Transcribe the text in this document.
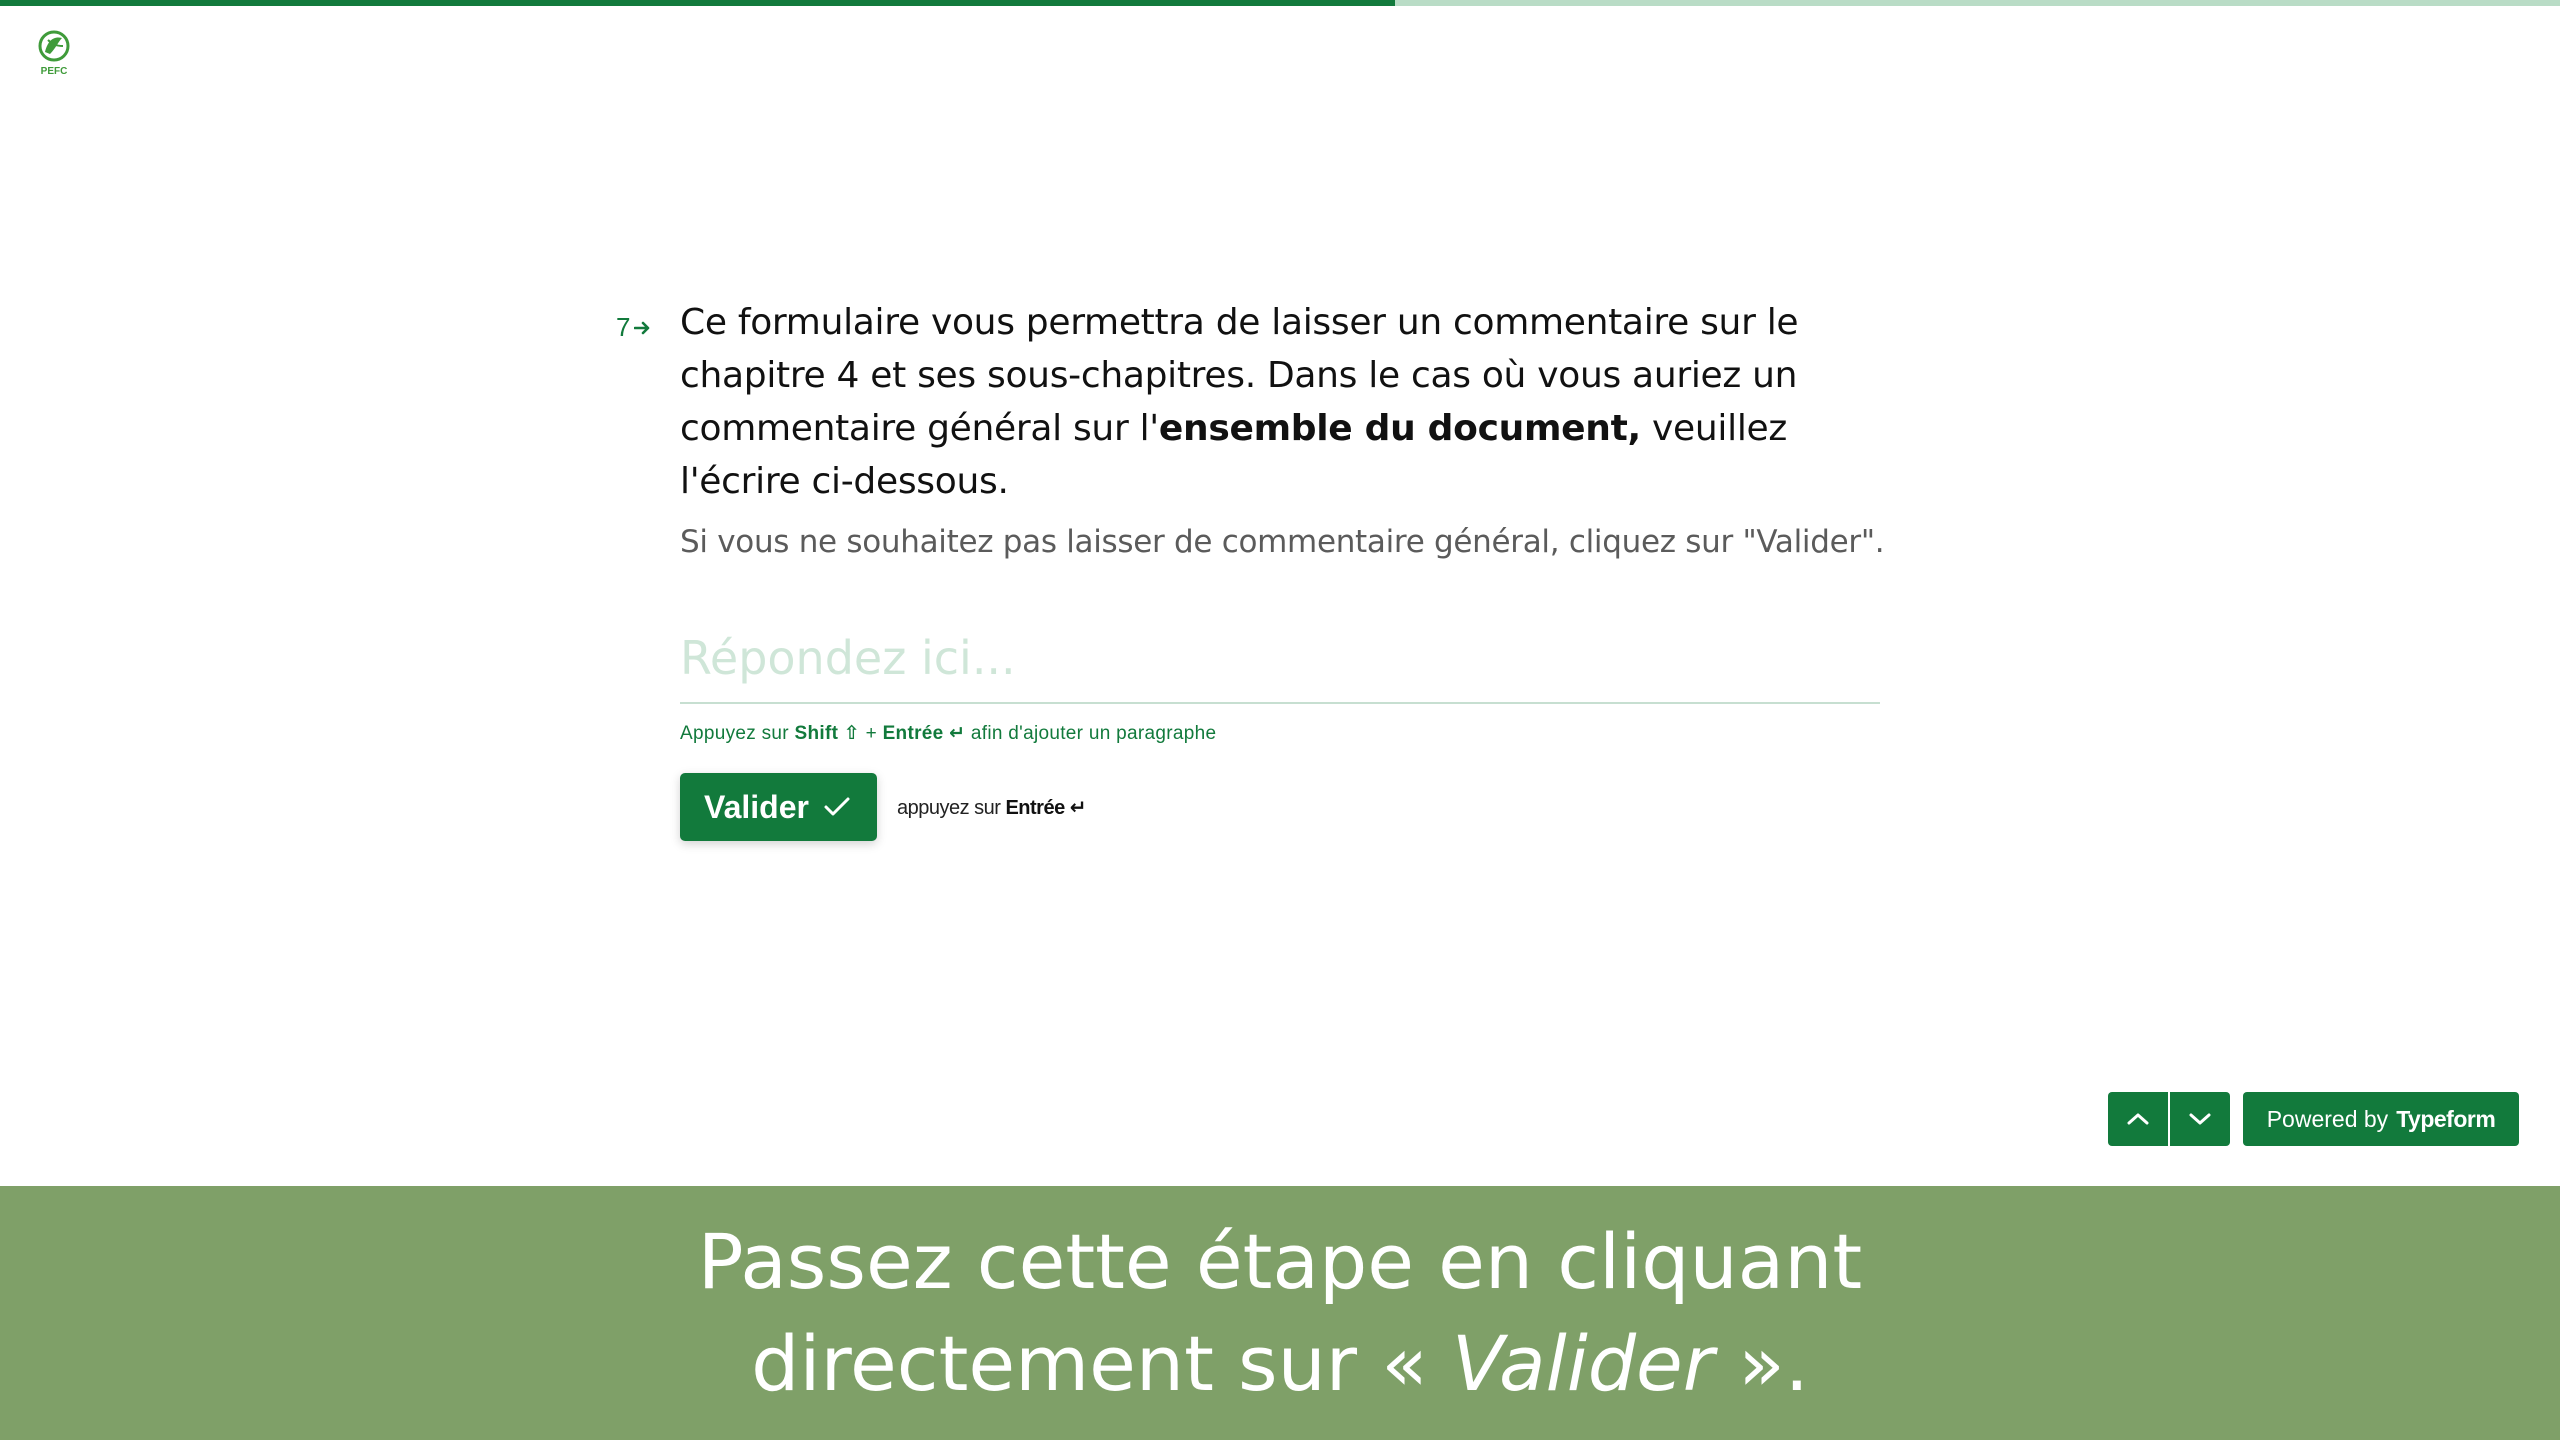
PEFC
7 Ce formulaire vous permettra de laisser un commentaire sur le chapitre 4 et ses sous-chapitres. Dans le cas où vous auriez un commentaire général sur l'ensemble du document, veuillez l'écrire ci-dessous.

Si vous ne souhaitez pas laisser de commentaire général, cliquez sur "Valider".

Répondez ici...
Appuyez sur Shift ⇧ + Entrée ↵ afin d'ajouter un paragraphe
Valider	appuyez sur Entrée ↵
Powered by Typeform
Passez cette étape en cliquant
directement sur « Valider ».
